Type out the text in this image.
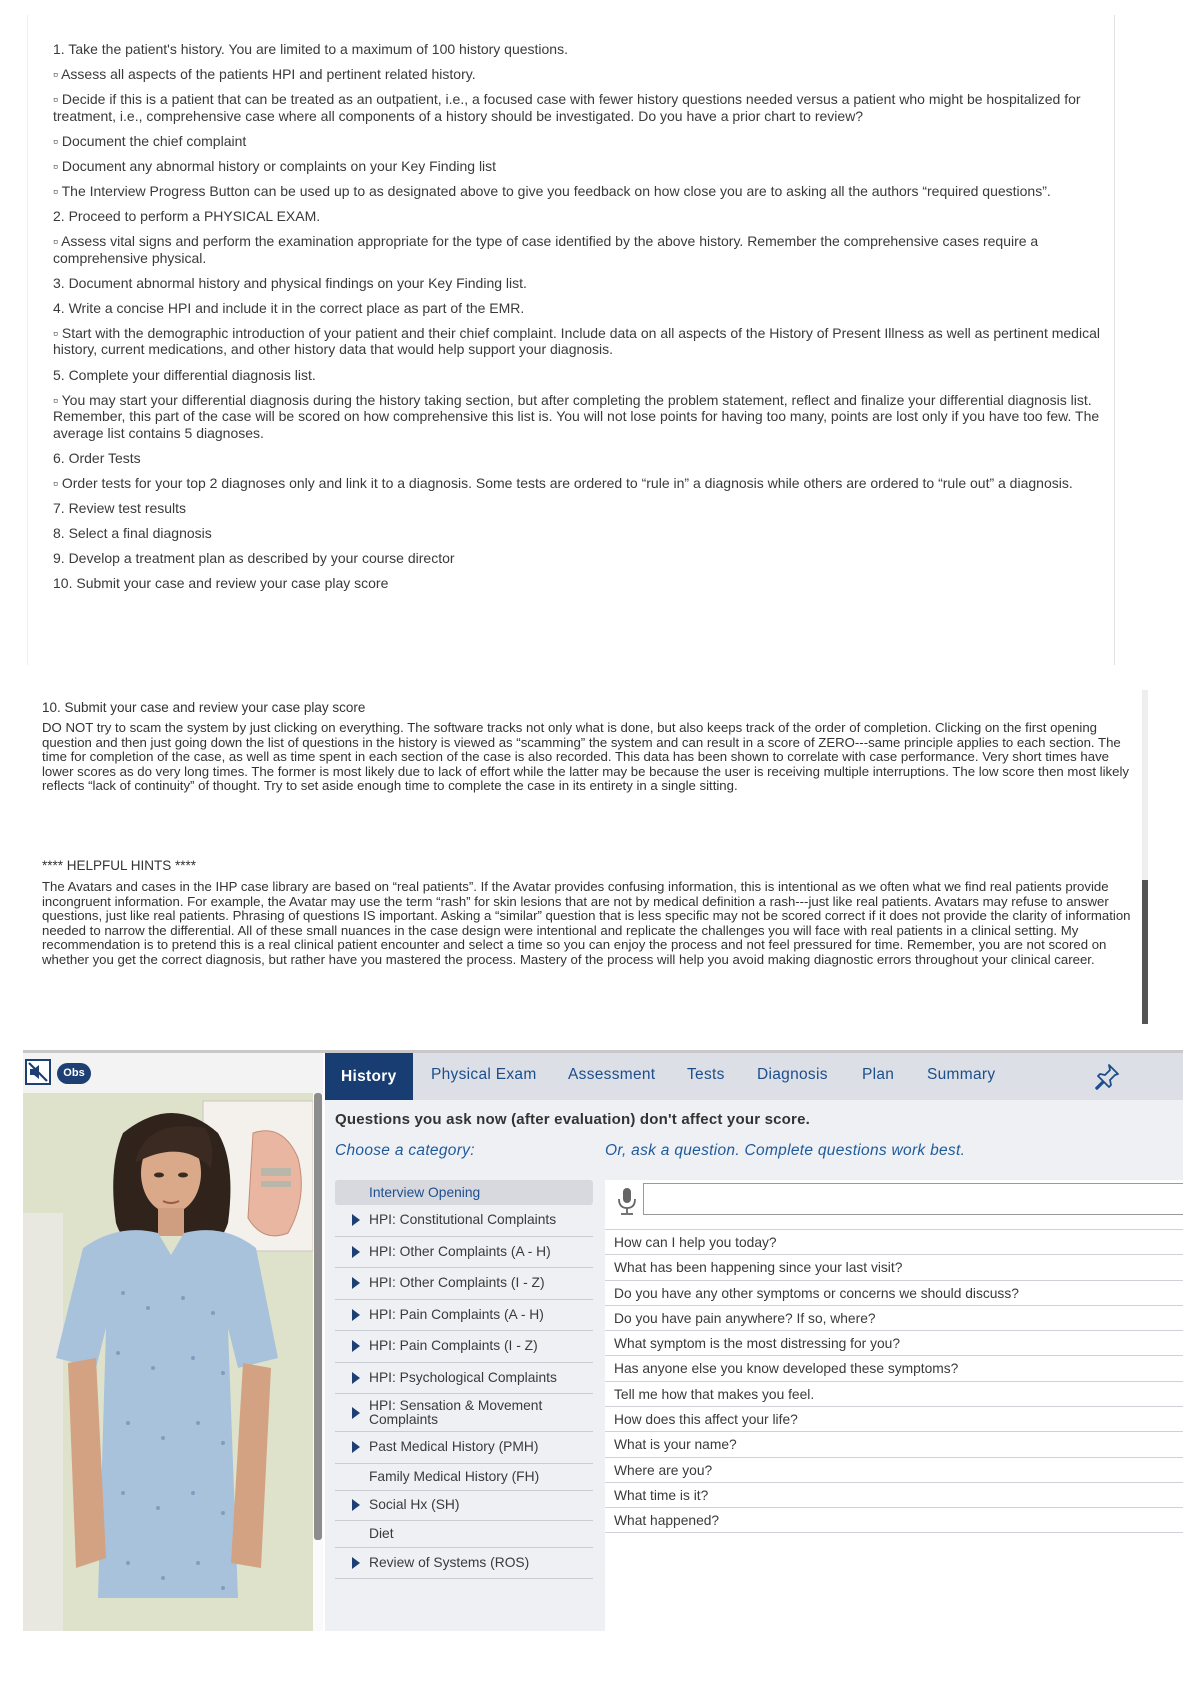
1. Take the patient's history. You are limited to a maximum of 100 history questions.
▫ Assess all aspects of the patients HPI and pertinent related history.
▫ Decide if this is a patient that can be treated as an outpatient, i.e., a focused case with fewer history questions needed versus a patient who might be hospitalized for treatment, i.e., comprehensive case where all components of a history should be investigated. Do you have a prior chart to review?
▫ Document the chief complaint
▫ Document any abnormal history or complaints on your Key Finding list
▫ The Interview Progress Button can be used up to as designated above to give you feedback on how close you are to asking all the authors “required questions”.
2. Proceed to perform a PHYSICAL EXAM.
▫ Assess vital signs and perform the examination appropriate for the type of case identified by the above history. Remember the comprehensive cases require a comprehensive physical.
3. Document abnormal history and physical findings on your Key Finding list.
4. Write a concise HPI and include it in the correct place as part of the EMR.
▫ Start with the demographic introduction of your patient and their chief complaint. Include data on all aspects of the History of Present Illness as well as pertinent medical history, current medications, and other history data that would help support your diagnosis.
5. Complete your differential diagnosis list.
▫ You may start your differential diagnosis during the history taking section, but after completing the problem statement, reflect and finalize your differential diagnosis list. Remember, this part of the case will be scored on how comprehensive this list is. You will not lose points for having too many, points are lost only if you have too few. The average list contains 5 diagnoses.
6. Order Tests
▫ Order tests for your top 2 diagnoses only and link it to a diagnosis. Some tests are ordered to “rule in” a diagnosis while others are ordered to “rule out” a diagnosis.
7. Review test results
8. Select a final diagnosis
9. Develop a treatment plan as described by your course director
10. Submit your case and review your case play score

10. Submit your case and review your case play score

DO NOT try to scam the system by just clicking on everything. The software tracks not only what is done, but also keeps track of the order of completion. Clicking on the first opening question and then just going down the list of questions in the history is viewed as “scamming” the system and can result in a score of ZERO---same principle applies to each section. The time for completion of the case, as well as time spent in each section of the case is also recorded. This data has been shown to correlate with case performance. Very short times have lower scores as do very long times. The former is most likely due to lack of effort while the latter may be because the user is receiving multiple interruptions. The low score then most likely reflects “lack of continuity” of thought. Try to set aside enough time to complete the case in its entirety in a single sitting.

**** HELPFUL HINTS ****

The Avatars and cases in the IHP case library are based on “real patients”. If the Avatar provides confusing information, this is intentional as we often what we find real patients provide incongruent information. For example, the Avatar may use the term “rash” for skin lesions that are not by medical definition a rash---just like real patients. Avatars may refuse to answer questions, just like real patients. Phrasing of questions IS important. Asking a “similar” question that is less specific may not be scored correct if it does not provide the clarity of information needed to narrow the differential. All of these small nuances in the case design were intentional and replicate the challenges you will face with real patients in a clinical setting. My recommendation is to pretend this is a real clinical patient encounter and select a time so you can enjoy the process and not feel pressured for time. Remember, you are not scored on whether you get the correct diagnosis, but rather have you mastered the process. Mastery of the process will help you avoid making diagnostic errors throughout your clinical career.

Obs	History	Physical Exam Assessment Tests Diagnosis Plan Summary
Questions you ask now (after evaluation) don't affect your score.
Choose a category:	Or, ask a question. Complete questions work best.
Interview Opening
HPI: Constitutional Complaints
HPI: Other Complaints (A - H)
HPI: Other Complaints (I - Z)
HPI: Pain Complaints (A - H)
HPI: Pain Complaints (I - Z)
HPI: Psychological Complaints
HPI: Sensation & Movement Complaints
Past Medical History (PMH)
Family Medical History (FH)
Social Hx (SH)
Diet
Review of Systems (ROS)
How can I help you today?
What has been happening since your last visit?
Do you have any other symptoms or concerns we should discuss?
Do you have pain anywhere? If so, where?
What symptom is the most distressing for you?
Has anyone else you know developed these symptoms?
Tell me how that makes you feel.
How does this affect your life?
What is your name?
Where are you?
What time is it?
What happened?
